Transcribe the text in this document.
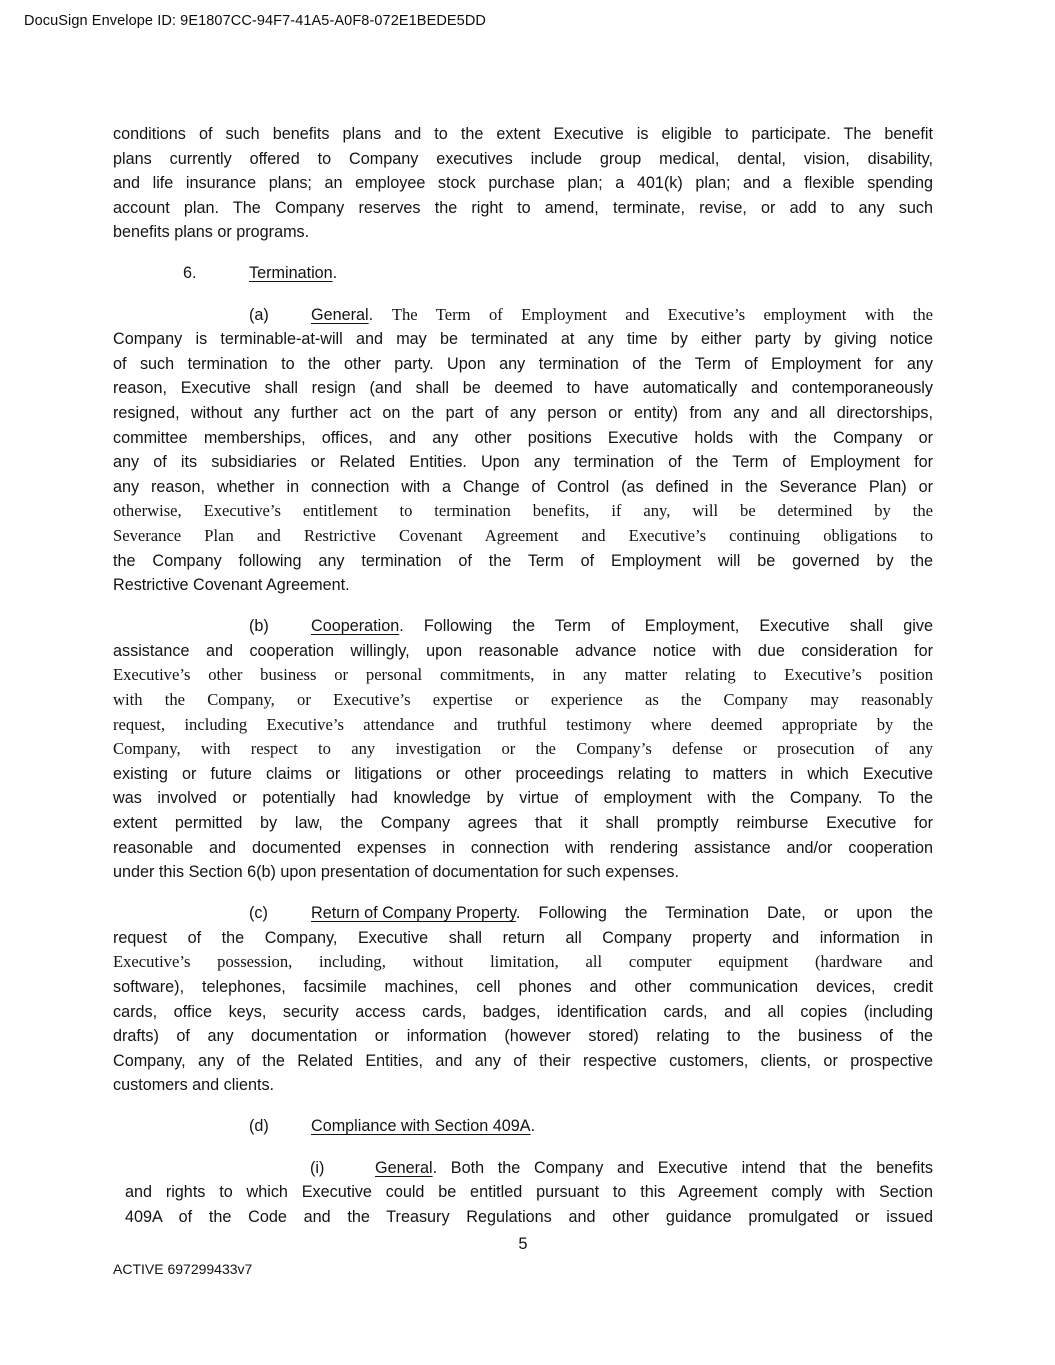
DocuSign Envelope ID: 9E1807CC-94F7-41A5-A0F8-072E1BEDE5DD
conditions of such benefits plans and to the extent Executive is eligible to participate. The benefit
plans currently offered to Company executives include group medical, dental, vision, disability,
and life insurance plans; an employee stock purchase plan; a 401(k) plan; and a flexible spending
account plan. The Company reserves the right to amend, terminate, revise, or add to any such
benefits plans or programs.
6.	Termination.
(a)	General. The Term of Employment and Executive’s employment with the
Company is terminable-at-will and may be terminated at any time by either party by giving notice
of such termination to the other party. Upon any termination of the Term of Employment for any
reason, Executive shall resign (and shall be deemed to have automatically and contemporaneously
resigned, without any further act on the part of any person or entity) from any and all directorships,
committee memberships, offices, and any other positions Executive holds with the Company or
any of its subsidiaries or Related Entities. Upon any termination of the Term of Employment for
any reason, whether in connection with a Change of Control (as defined in the Severance Plan) or
otherwise, Executive’s entitlement to termination benefits, if any, will be determined by the
Severance Plan and Restrictive Covenant Agreement and Executive’s continuing obligations to
the Company following any termination of the Term of Employment will be governed by the
Restrictive Covenant Agreement.
(b)	Cooperation. Following the Term of Employment, Executive shall give
assistance and cooperation willingly, upon reasonable advance notice with due consideration for
Executive’s other business or personal commitments, in any matter relating to Executive’s position
with the Company, or Executive’s expertise or experience as the Company may reasonably
request, including Executive’s attendance and truthful testimony where deemed appropriate by the
Company, with respect to any investigation or the Company’s defense or prosecution of any
existing or future claims or litigations or other proceedings relating to matters in which Executive
was involved or potentially had knowledge by virtue of employment with the Company. To the
extent permitted by law, the Company agrees that it shall promptly reimburse Executive for
reasonable and documented expenses in connection with rendering assistance and/or cooperation
under this Section 6(b) upon presentation of documentation for such expenses.
(c)	Return of Company Property. Following the Termination Date, or upon the
request of the Company, Executive shall return all Company property and information in
Executive’s possession, including, without limitation, all computer equipment (hardware and
software), telephones, facsimile machines, cell phones and other communication devices, credit
cards, office keys, security access cards, badges, identification cards, and all copies (including
drafts) of any documentation or information (however stored) relating to the business of the
Company, any of the Related Entities, and any of their respective customers, clients, or prospective
customers and clients.
(d)	Compliance with Section 409A.
(i)	General. Both the Company and Executive intend that the benefits
and rights to which Executive could be entitled pursuant to this Agreement comply with Section
409A of the Code and the Treasury Regulations and other guidance promulgated or issued
5
ACTIVE 697299433v7
